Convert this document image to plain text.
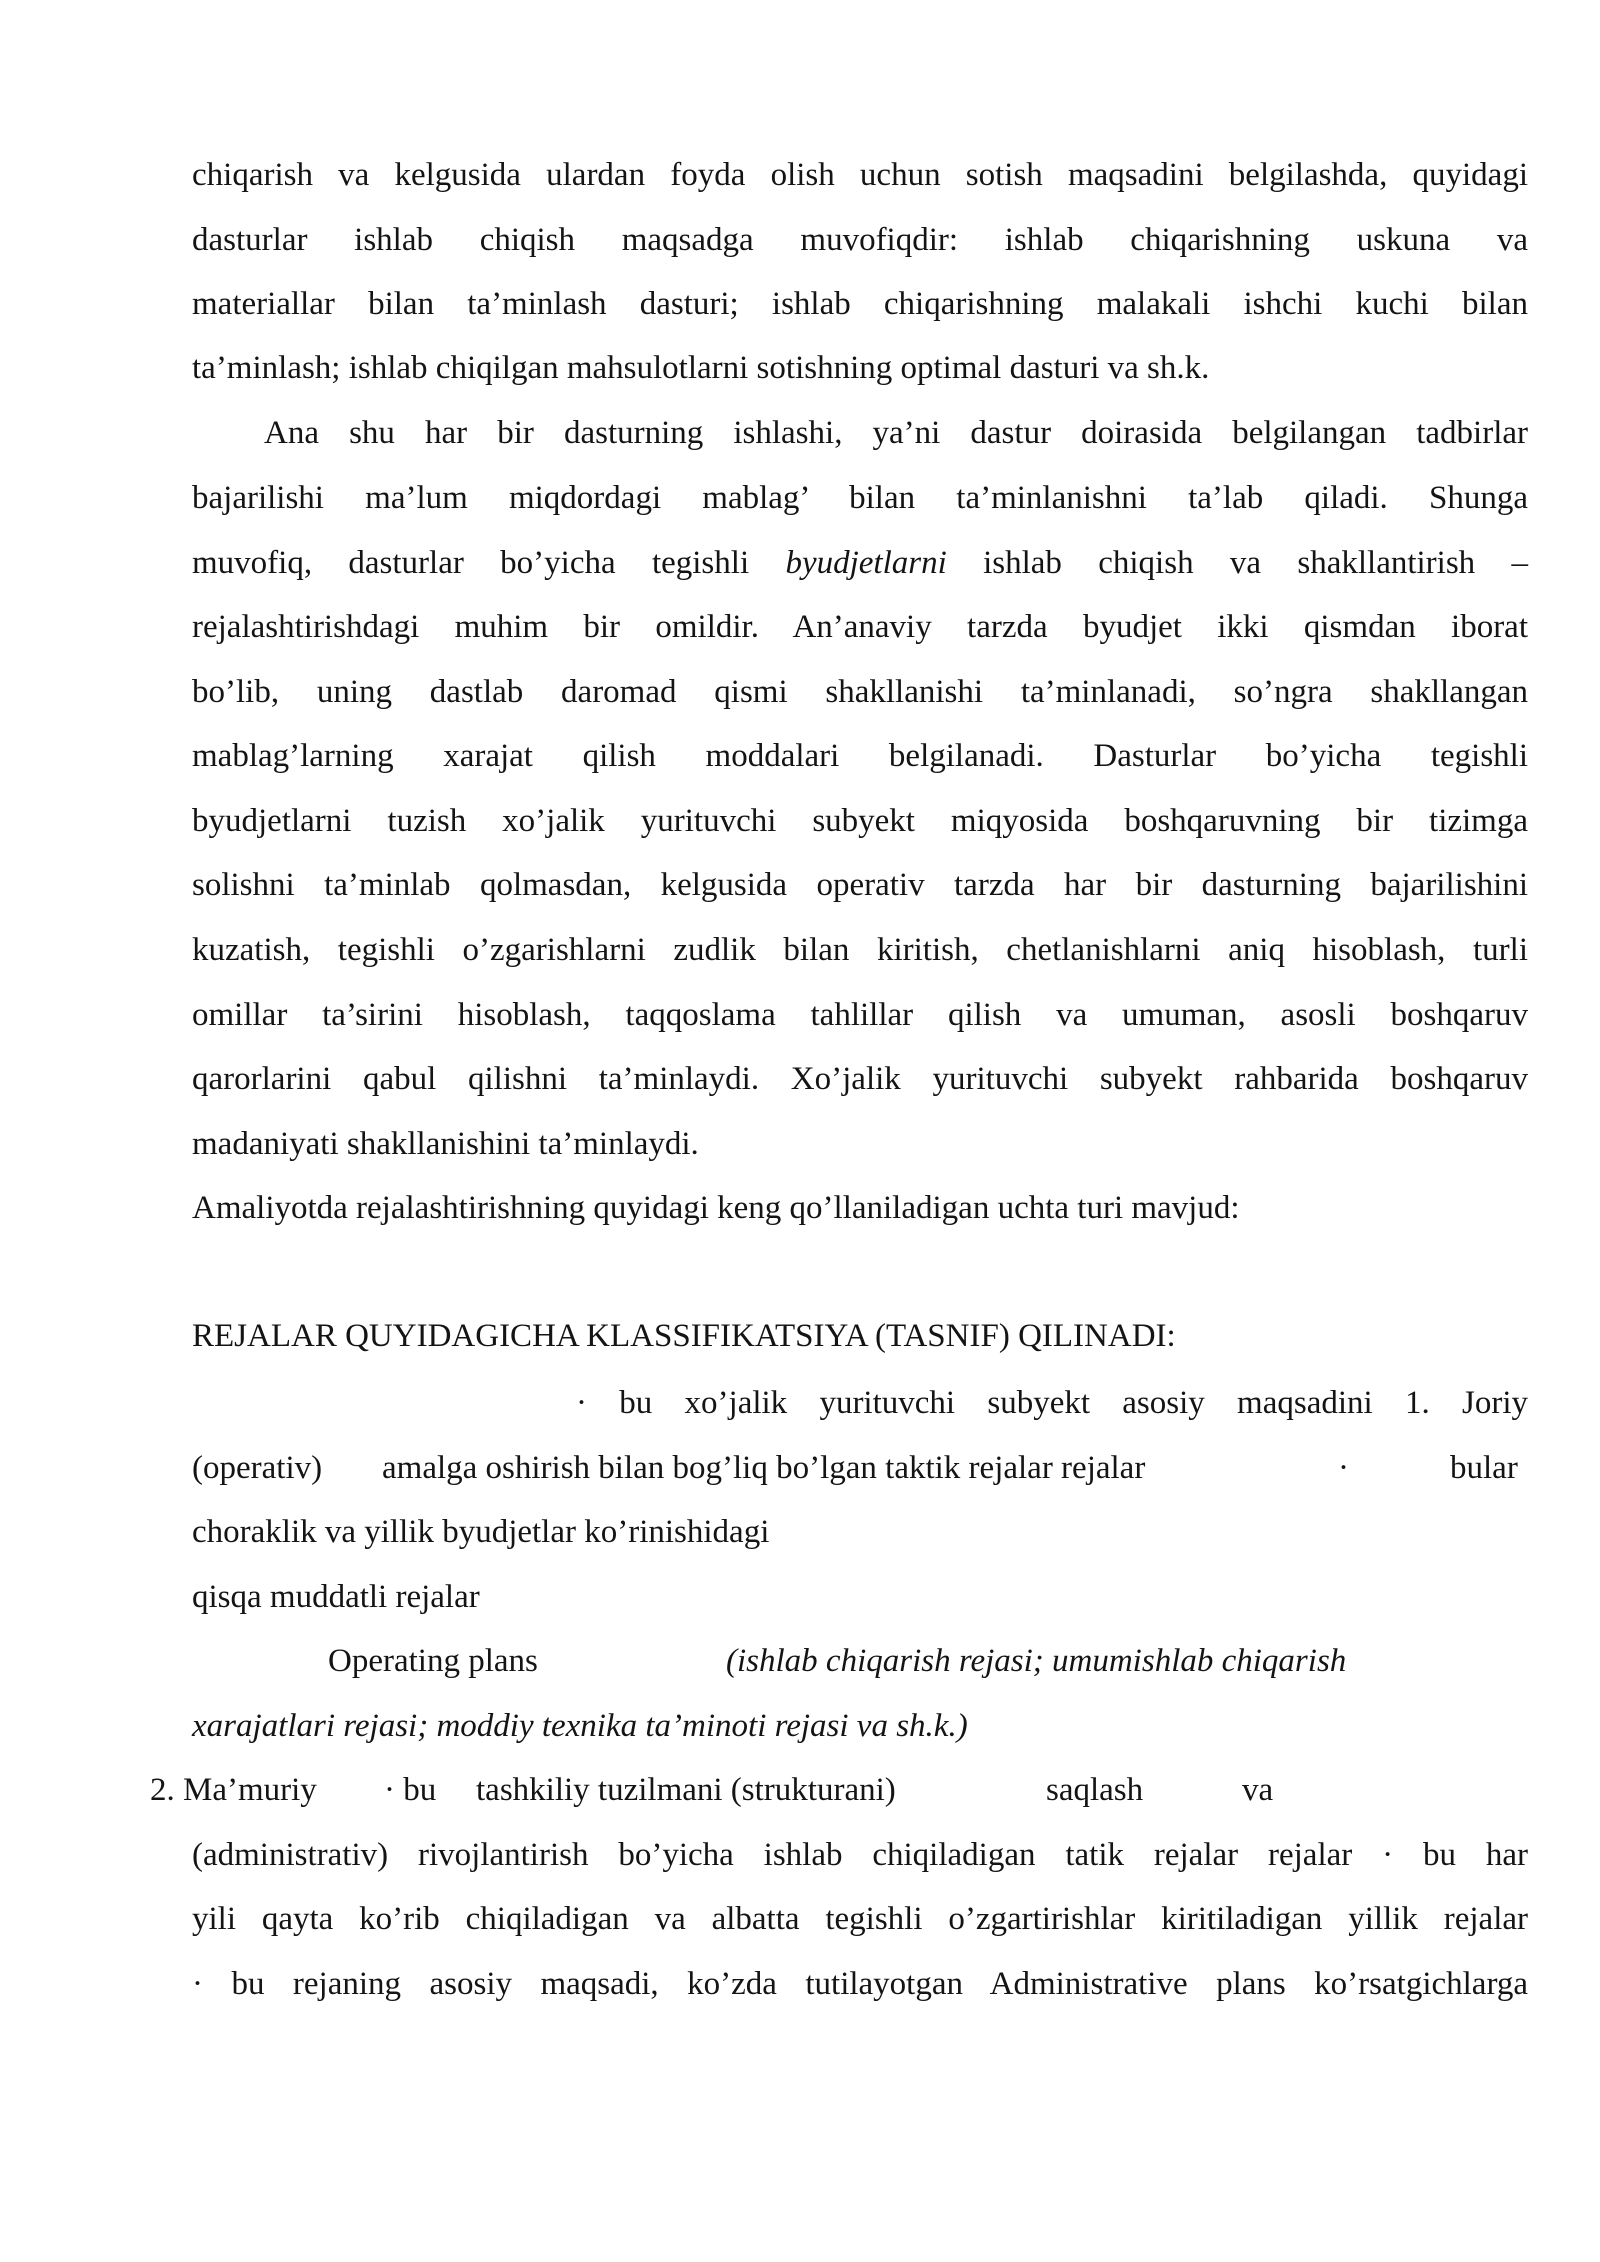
chiqarish va kelgusida ulardan foyda olish uchun sotish maqsadini belgilashda, quyidagi
dasturlar ishlab chiqish maqsadga muvofiqdir: ishlab chiqarishning uskuna va
materiallar bilan ta’minlash dasturi; ishlab chiqarishning malakali ishchi kuchi bilan
ta’minlash; ishlab chiqilgan mahsulotlarni sotishning optimal dasturi va sh.k.
Ana shu har bir dasturning ishlashi, ya’ni dastur doirasida belgilangan tadbirlar
bajarilishi ma’lum miqdordagi mablag’ bilan ta’minlanishni ta’lab qiladi. Shunga
muvofiq, dasturlar bo’yicha tegishli byudjetlarni ishlab chiqish va shakllantirish –
rejalashtirishdagi muhim bir omildir. An’anaviy tarzda byudjet ikki qismdan iborat
bo’lib, uning dastlab daromad qismi shakllanishi ta’minlanadi, so’ngra shakllangan
mablag’larning xarajat qilish moddalari belgilanadi. Dasturlar bo’yicha tegishli
byudjetlarni tuzish xo’jalik yurituvchi subyekt miqyosida boshqaruvning bir tizimga
solishni ta’minlab qolmasdan, kelgusida operativ tarzda har bir dasturning bajarilishini
kuzatish, tegishli o’zgarishlarni zudlik bilan kiritish, chetlanishlarni aniq hisoblash, turli
omillar ta’sirini hisoblash, taqqoslama tahlillar qilish va umuman, asosli boshqaruv
qarorlarini qabul qilishni ta’minlaydi. Xo’jalik yurituvchi subyekt rahbarida boshqaruv
madaniyati shakllanishini ta’minlaydi.
Amaliyotda rejalashtirishning quyidagi keng qo’llaniladigan uchta turi mavjud:
REJALAR QUYIDAGICHA KLASSIFIKATSIYA (TASNIF) QILINADI:
· bu xo’jalik yurituvchi subyekt asosiy maqsadini 1. Joriy
(operativ) amalga oshirish bilan bog’liq bo’lgan taktik rejalar rejalar	·	bular
choraklik va yillik byudjetlar ko’rinishidagi
qisqa muddatli rejalar
Operating plans	(ishlab chiqarish rejasi; umumishlab chiqarish
xarajatlari rejasi; moddiy texnika ta’minoti rejasi va sh.k.)
2. Ma’muriy · bu tashkiliy tuzilmani (strukturani)	saqlash	va
(administrativ) rivojlantirish bo’yicha ishlab chiqiladigan tatik rejalar rejalar · bu har
yili qayta ko’rib chiqiladigan va albatta tegishli o’zgartirishlar kiritiladigan yillik rejalar
· bu rejaning asosiy maqsadi, ko’zda tutilayotgan Administrative plans ko’rsatgichlarga
